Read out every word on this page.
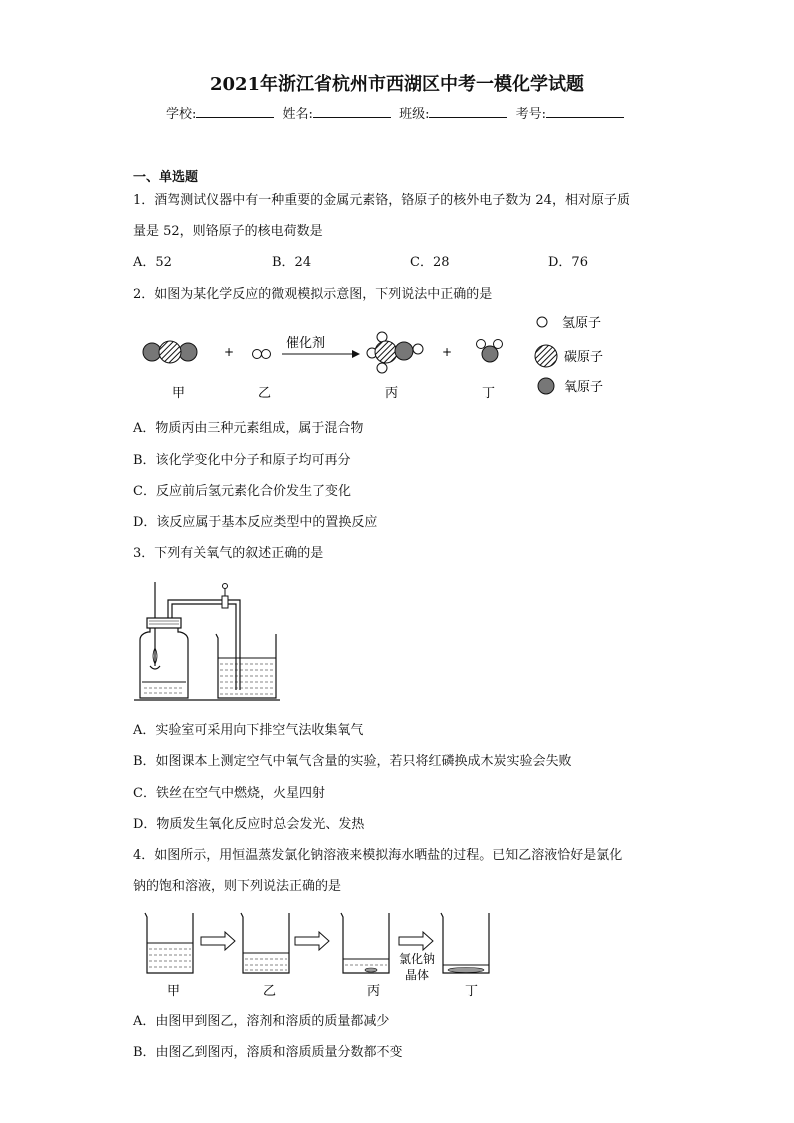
2021年浙江省杭州市西湖区中考一模化学试题
学校:	姓名:	班级:	考号:
一、单选题
1．酒驾测试仪器中有一种重要的金属元素铬，铬原子的核外电子数为 24，相对原子质
量是 52，则铬原子的核电荷数是
A．52	B．24	C．28	D．76
2．如图为某化学反应的微观模拟示意图，下列说法中正确的是
+
催化剂
+
甲	乙	丙	丁
氢原子
碳原子
氧原子
A．物质丙由三种元素组成，属于混合物
B．该化学变化中分子和原子均可再分
C．反应前后氢元素化合价发生了变化
D．该反应属于基本反应类型中的置换反应
3．下列有关氧气的叙述正确的是
A．实验室可采用向下排空气法收集氧气
B．如图课本上测定空气中氧气含量的实验，若只将红磷换成木炭实验会失败
C．铁丝在空气中燃烧，火星四射
D．物质发生氧化反应时总会发光、发热
4．如图所示，用恒温蒸发氯化钠溶液来模拟海水晒盐的过程。已知乙溶液恰好是氯化
钠的饱和溶液，则下列说法正确的是
氯化钠
晶体
甲	乙	丙	丁
A．由图甲到图乙，溶剂和溶质的质量都减少
B．由图乙到图丙，溶质和溶质质量分数都不变
